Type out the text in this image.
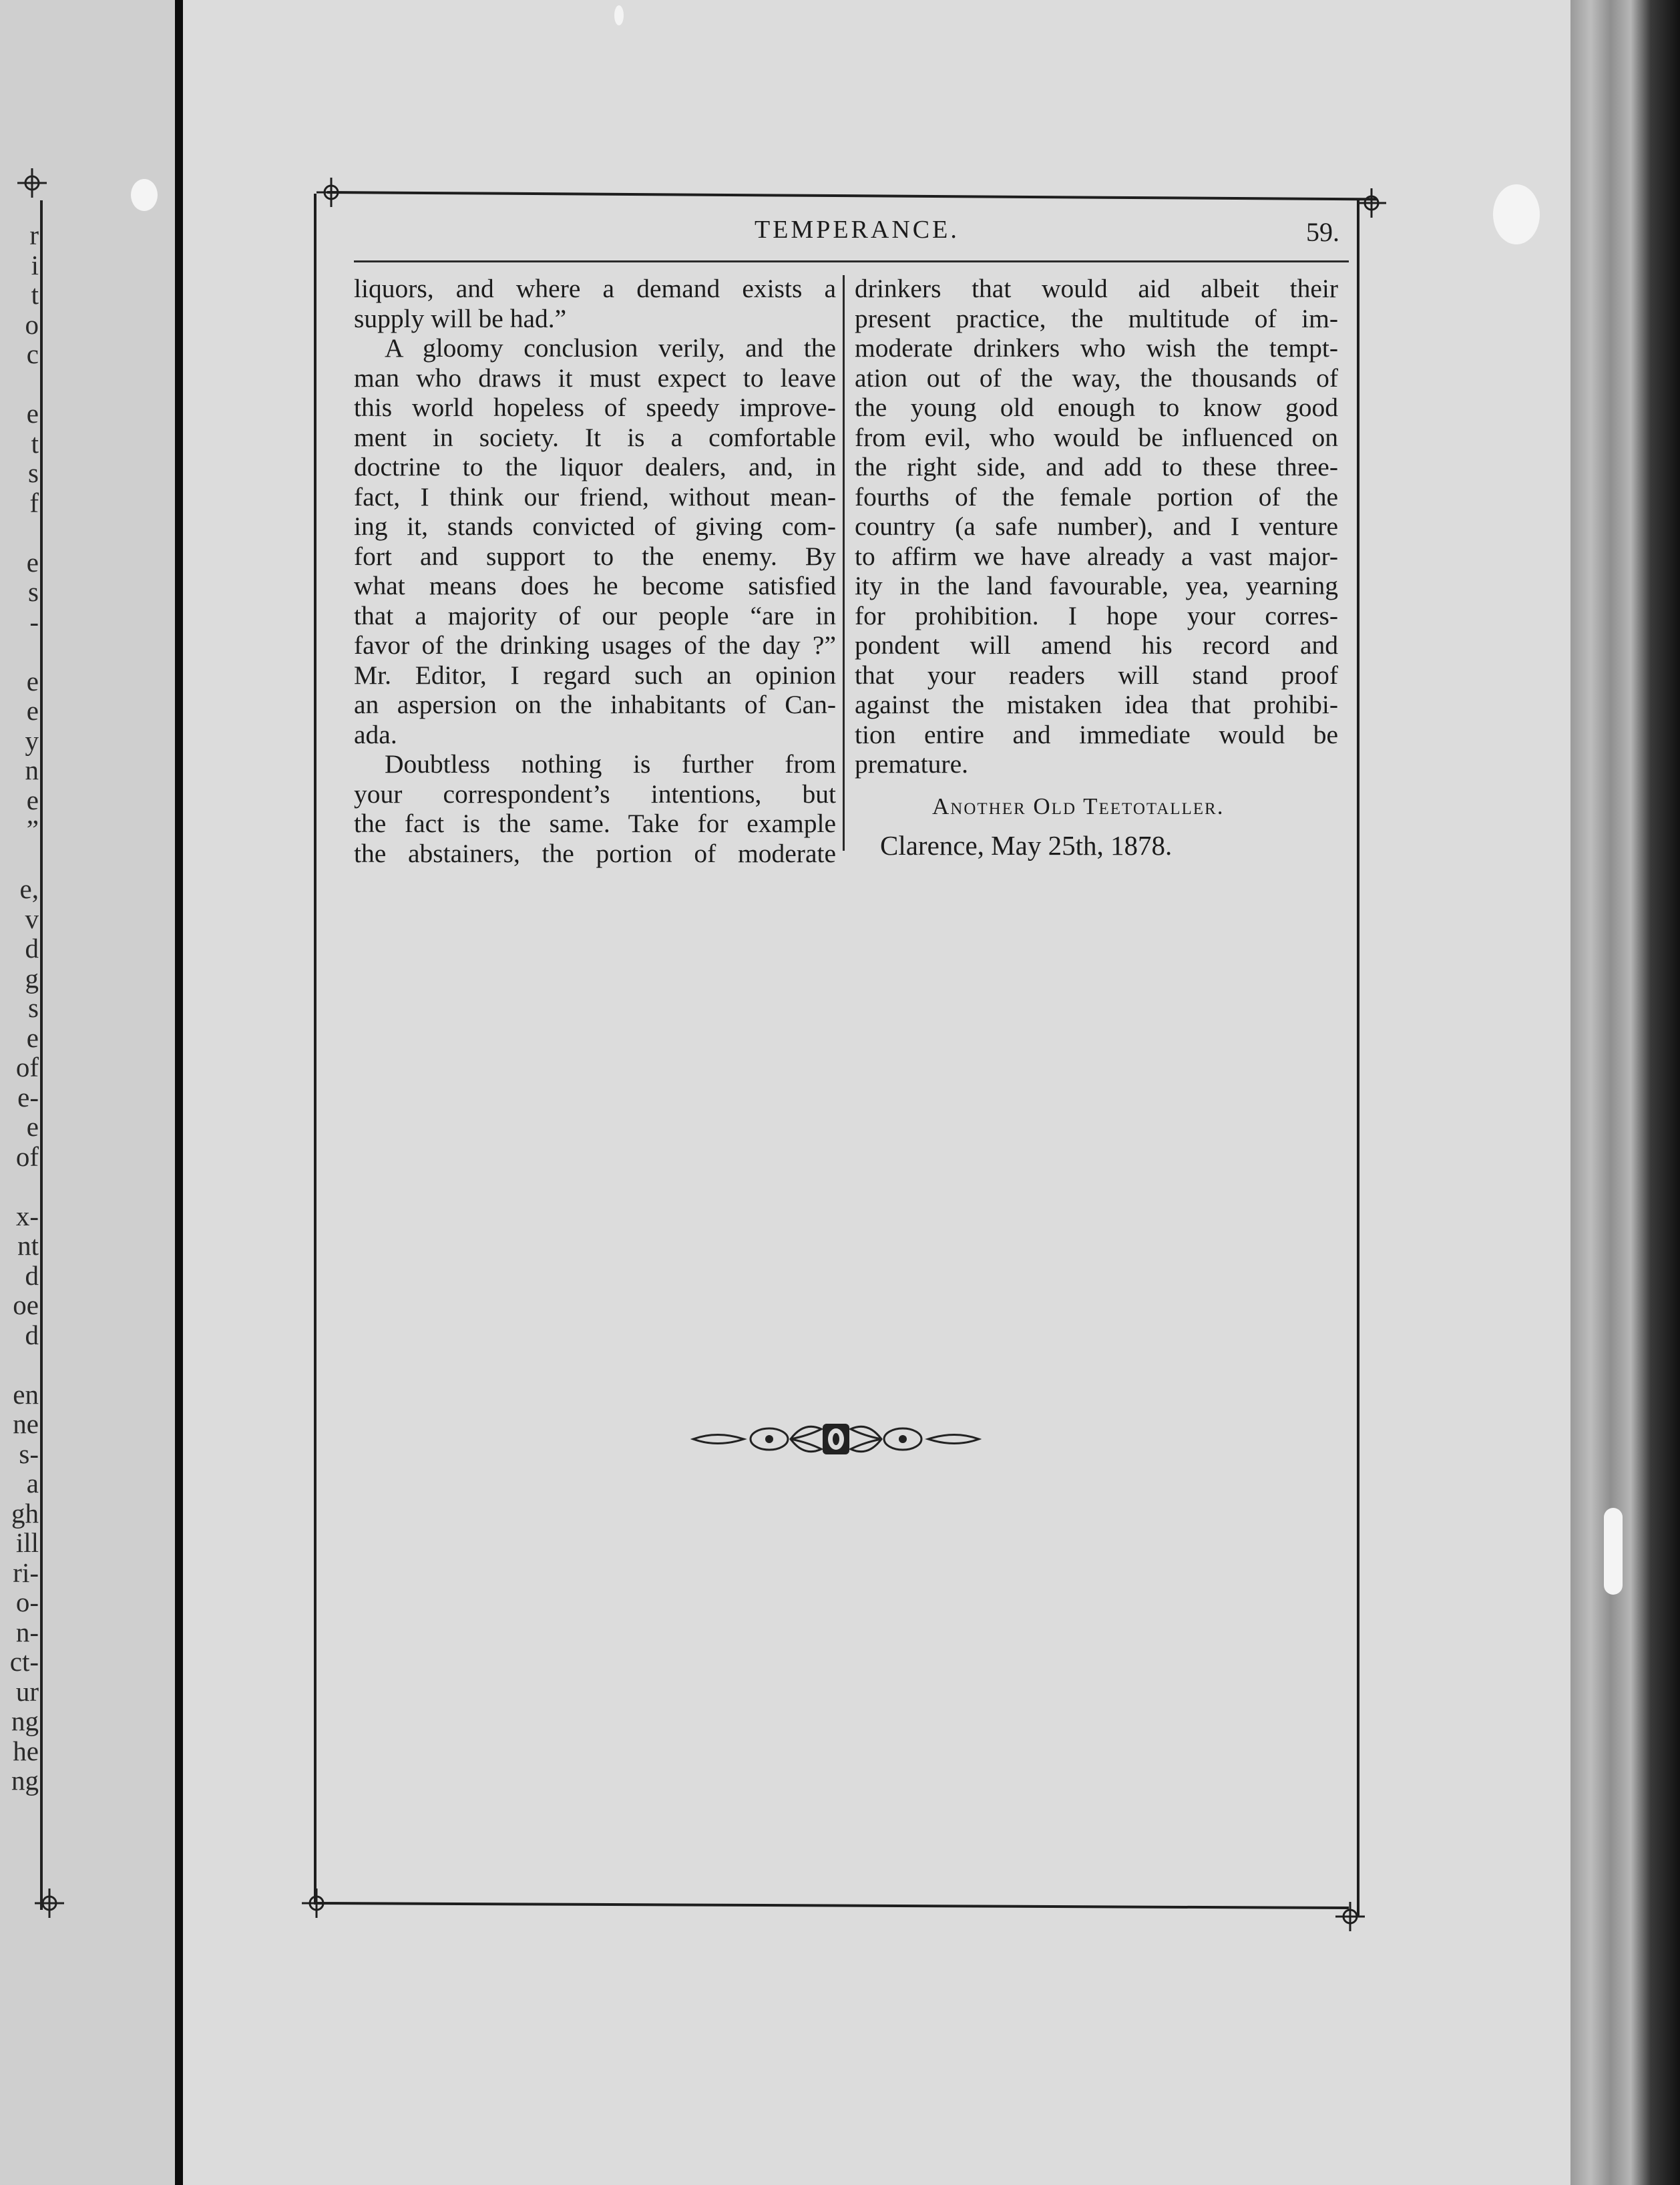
r
i
t
o
c
e
t
s
f
e
s
-
e
e
y
n
e
”
e,
v
d
g
s
e
of
e-
e
of
x-
nt
d
oe
d
en
ne
s-
a
gh
ill
ri-
o-
n-
ct-
ur
ng
he
ng
TEMPERANCE.	59.
liquors, and where a demand exists a
supply will be had.”
A gloomy conclusion verily, and the
man who draws it must expect to leave
this world hopeless of speedy improve-
ment in society. It is a comfortable
doctrine to the liquor dealers, and, in
fact, I think our friend, without mean-
ing it, stands convicted of giving com-
fort and support to the enemy. By
what means does he become satisfied
that a majority of our people “are in
favor of the drinking usages of the day ?”
Mr. Editor, I regard such an opinion
an aspersion on the inhabitants of Can-
ada.
Doubtless nothing is further from
your correspondent’s intentions, but
the fact is the same. Take for example
the abstainers, the portion of moderate
drinkers that would aid albeit their
present practice, the multitude of im-
moderate drinkers who wish the tempt-
ation out of the way, the thousands of
the young old enough to know good
from evil, who would be influenced on
the right side, and add to these three-
fourths of the female portion of the
country (a safe number), and I venture
to affirm we have already a vast major-
ity in the land favourable, yea, yearning
for prohibition. I hope your corres-
pondent will amend his record and
that your readers will stand proof
against the mistaken idea that prohibi-
tion entire and immediate would be
premature.
Another Old Teetotaller.
Clarence, May 25th, 1878.
